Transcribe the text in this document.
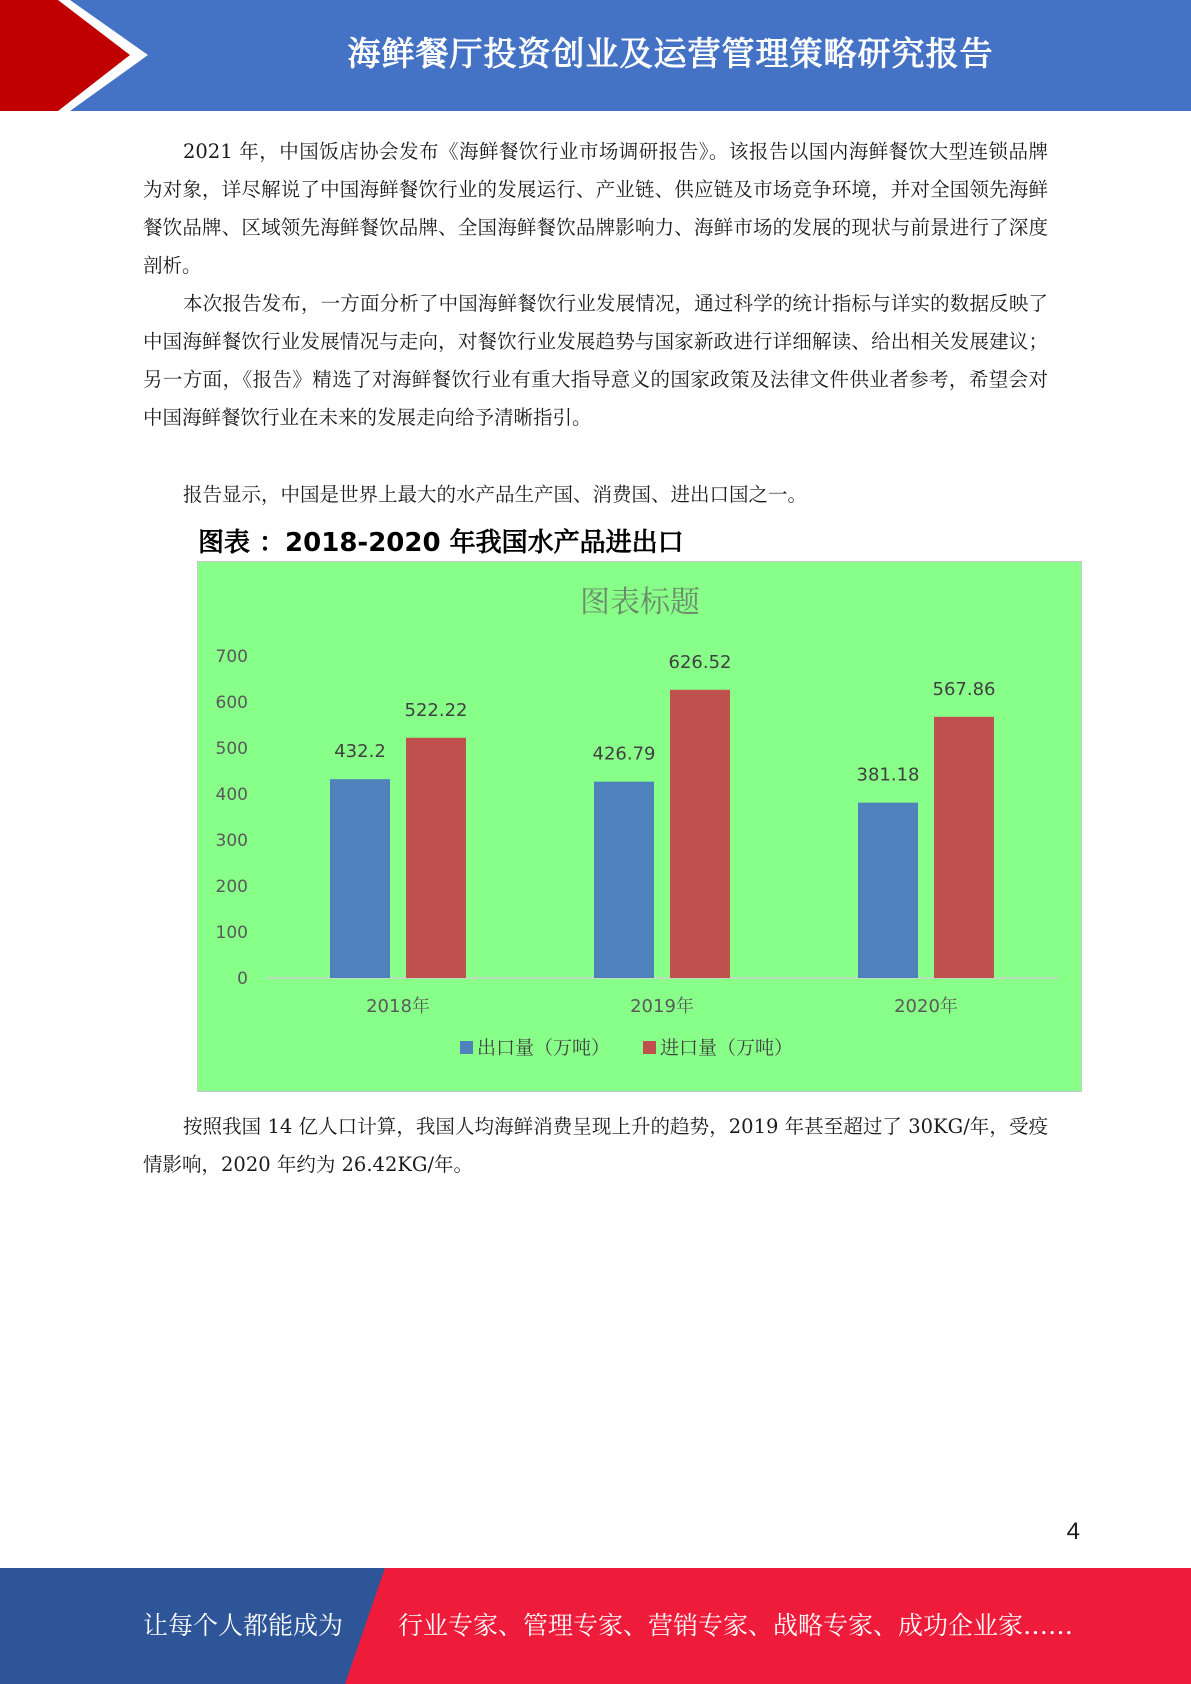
海鲜餐厅投资创业及运营管理策略研究报告

2021 年，中国饭店协会发布《海鲜餐饮行业市场调研报告》。该报告以国内海鲜餐饮大型连锁品牌为对象，详尽解说了中国海鲜餐饮行业的发展运行、产业链、供应链及市场竞争环境，并对全国领先海鲜餐饮品牌、区域领先海鲜餐饮品牌、全国海鲜餐饮品牌影响力、海鲜市场的发展的现状与前景进行了深度剖析。

本次报告发布，一方面分析了中国海鲜餐饮行业发展情况，通过科学的统计指标与详实的数据反映了中国海鲜餐饮行业发展情况与走向，对餐饮行业发展趋势与国家新政进行详细解读、给出相关发展建议；另一方面，《报告》精选了对海鲜餐饮行业有重大指导意义的国家政策及法律文件供业者参考，希望会对中国海鲜餐饮行业在未来的发展走向给予清晰指引。

报告显示，中国是世界上最大的水产品生产国、消费国、进出口国之一。

图表 ：2018-2020 年我国水产品进出口
图表标题
0
100
200
300
400
500
600
700
432.2
522.22
2018年
426.79
626.52
2019年
381.18
567.86
2020年
出口量（万吨）	进口量（万吨）

按照我国 14 亿人口计算，我国人均海鲜消费呈现上升的趋势，2019 年甚至超过了 30KG/年，受疫情影响，2020 年约为 26.42KG/年。

4
让每个人都能成为 行业专家、管理专家、营销专家、战略专家、成功企业家……
